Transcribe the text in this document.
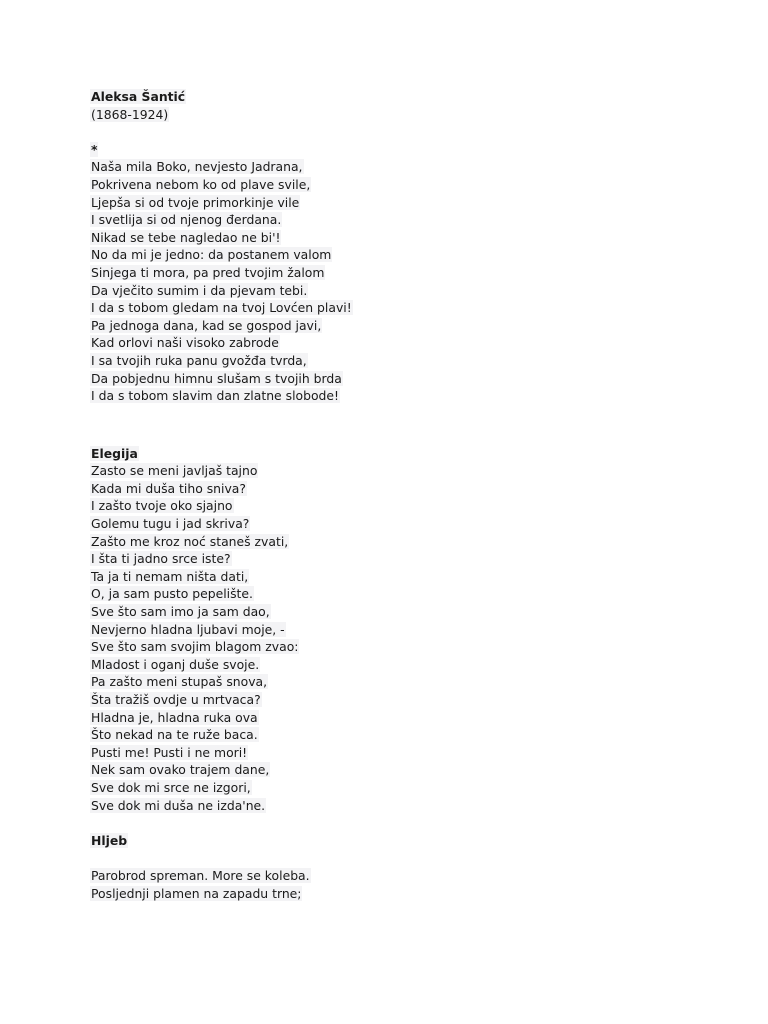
Aleksa Šantić
(1868-1924)
*
Naša mila Boko, nevjesto Jadrana,
Pokrivena nebom ko od plave svile,
Ljepša si od tvoje primorkinje vile
I svetlija si od njenog đerdana.
Nikad se tebe nagledao ne bi'!
No da mi je jedno: da postanem valom
Sinjega ti mora, pa pred tvojim žalom
Da vječito sumim i da pjevam tebi.
I da s tobom gledam na tvoj Lovćen plavi!
Pa jednoga dana, kad se gospod javi,
Kad orlovi naši visoko zabrode
I sa tvojih ruka panu gvožđa tvrda,
Da pobjednu himnu slušam s tvojih brda
I da s tobom slavim dan zlatne slobode!
Elegija
Zasto se meni javljaš tajno
Kada mi duša tiho sniva?
I zašto tvoje oko sjajno
Golemu tugu i jad skriva?
Zašto me kroz noć staneš zvati,
I šta ti jadno srce iste?
Ta ja ti nemam ništa dati,
O, ja sam pusto pepelište.
Sve što sam imo ja sam dao,
Nevjerno hladna ljubavi moje, -
Sve što sam svojim blagom zvao:
Mladost i oganj duše svoje.
Pa zašto meni stupaš snova,
Šta tražiš ovdje u mrtvaca?
Hladna je, hladna ruka ova
Što nekad na te ruže baca.
Pusti me! Pusti i ne mori!
Nek sam ovako trajem dane,
Sve dok mi srce ne izgori,
Sve dok mi duša ne izda'ne.
Hljeb
Parobrod spreman. More se koleba.
Posljednji plamen na zapadu trne;
